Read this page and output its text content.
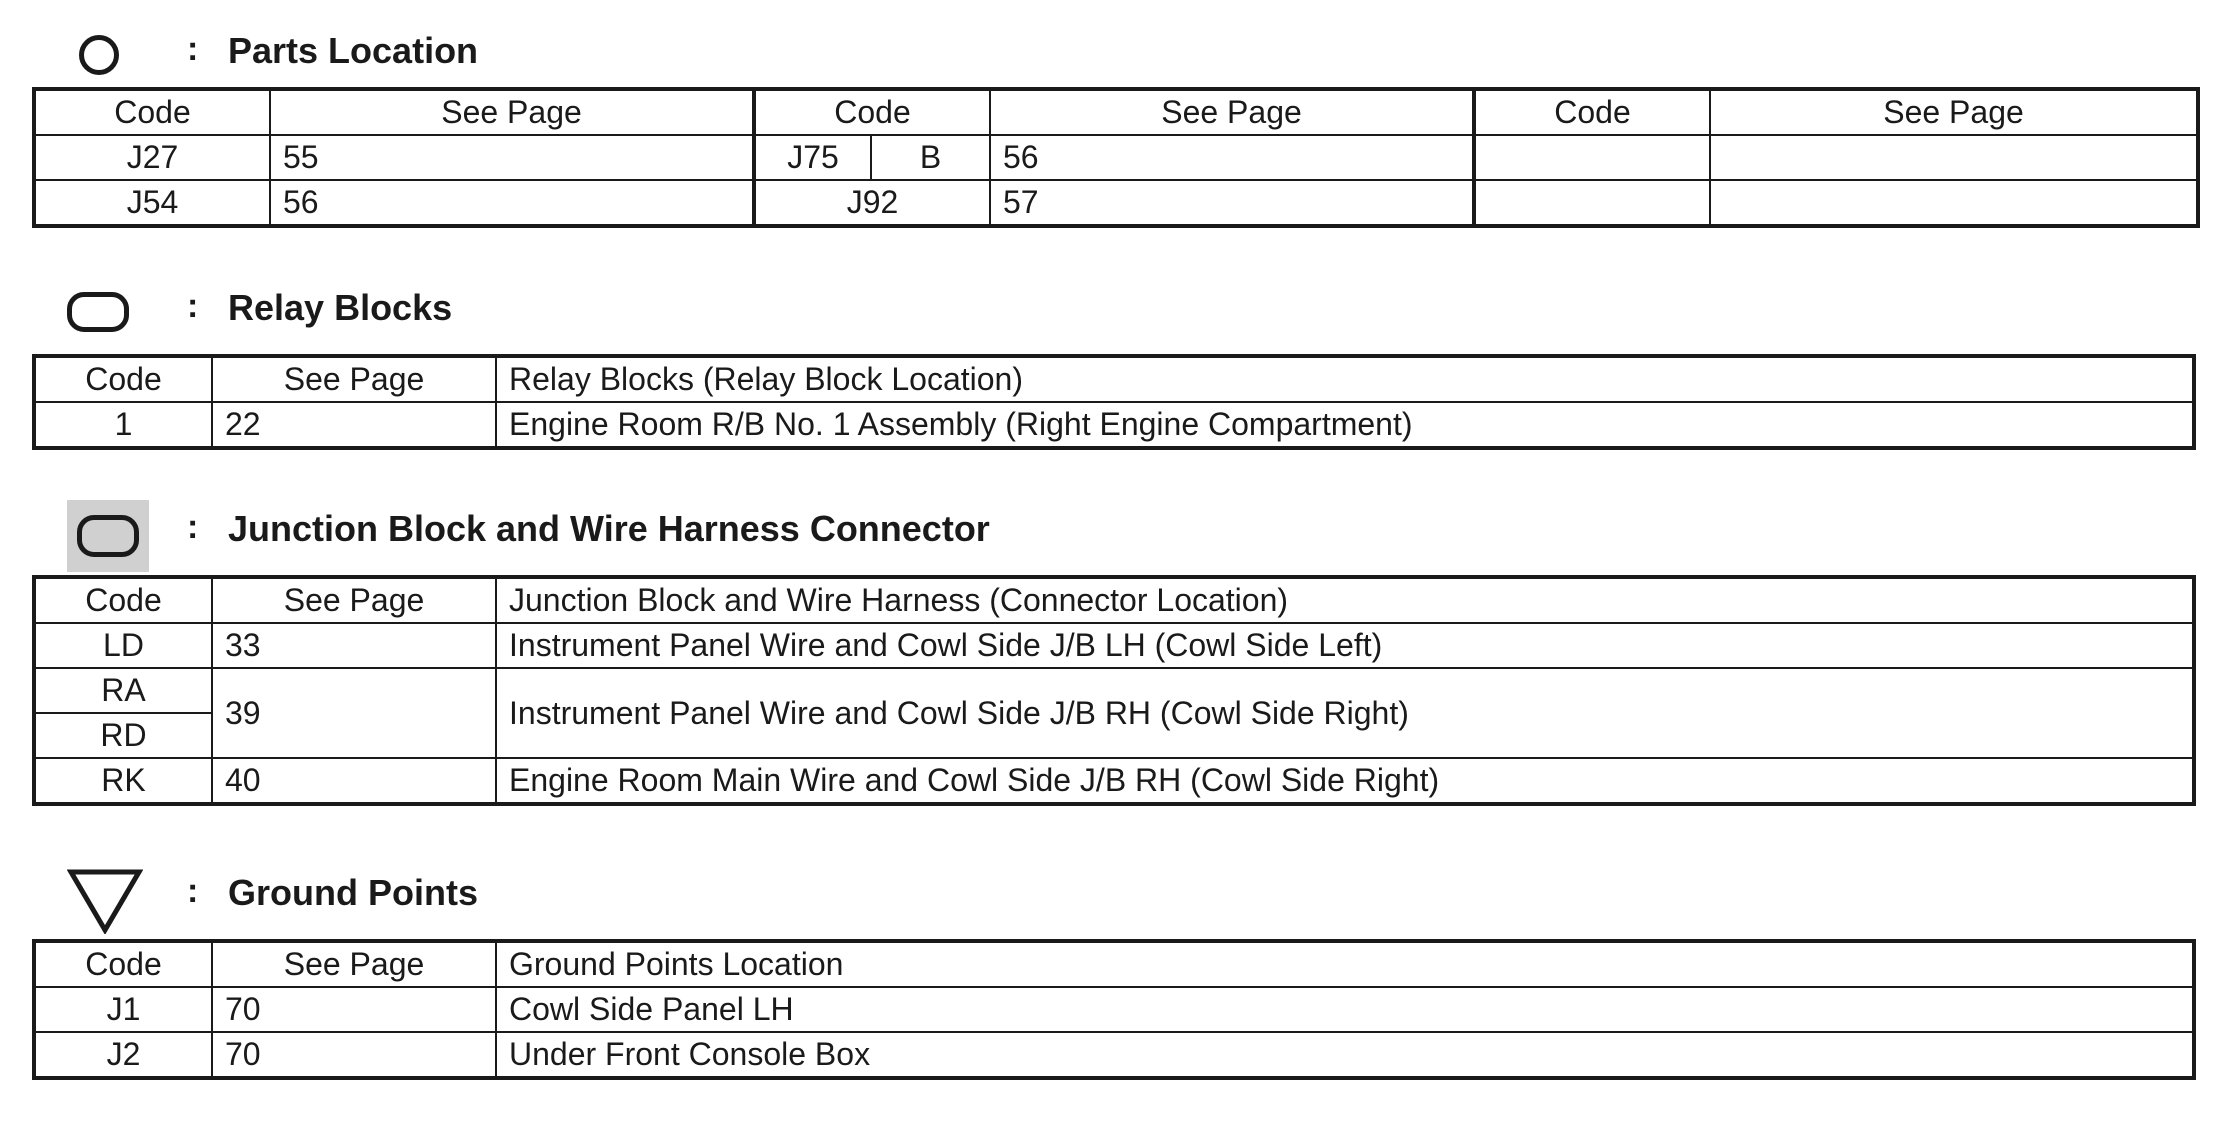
: Parts Location
Code	See Page	Code		See Page	Code	See Page
J27	55	J75	B	56		
J54	56	J92		57		
: Relay Blocks
Code	See Page	Relay Blocks (Relay Block Location)
1	22	Engine Room R/B No. 1 Assembly (Right Engine Compartment)
: Junction Block and Wire Harness Connector
Code	See Page	Junction Block and Wire Harness (Connector Location)
LD	33	Instrument Panel Wire and Cowl Side J/B LH (Cowl Side Left)
RA	39	Instrument Panel Wire and Cowl Side J/B RH (Cowl Side Right)
RD		
RK	40	Engine Room Main Wire and Cowl Side J/B RH (Cowl Side Right)
: Ground Points
Code	See Page	Ground Points Location
J1	70	Cowl Side Panel LH
J2	70	Under Front Console Box
